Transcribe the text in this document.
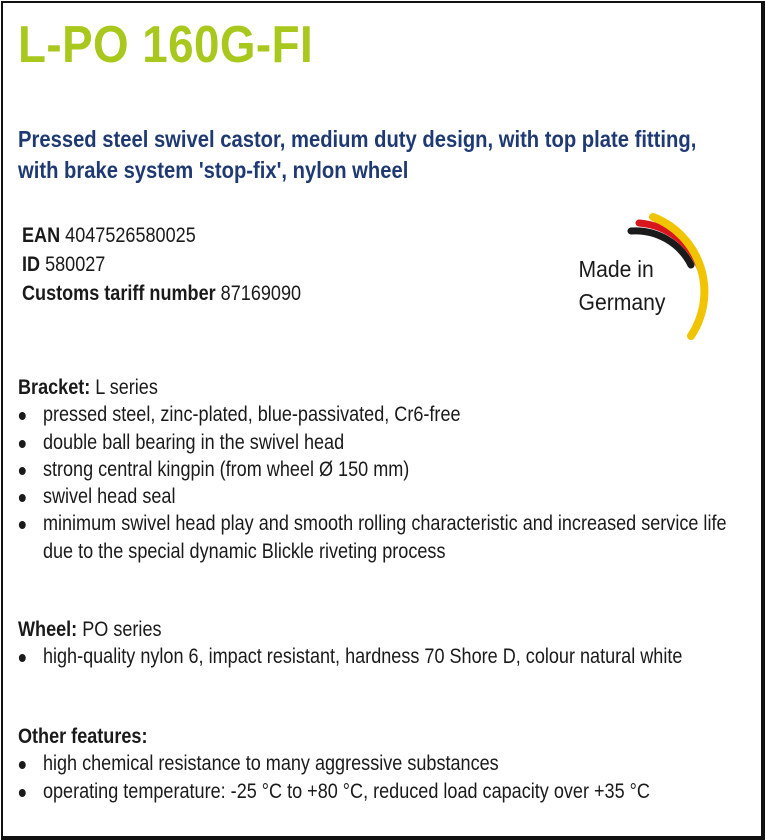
L-PO 160G-FI

Pressed steel swivel castor, medium duty design, with top plate fitting, with brake system 'stop-fix', nylon wheel

EAN 4047526580025
ID 580027
Customs tariff number 87169090
Made in
Germany
Bracket: L series
pressed steel, zinc-plated, blue-passivated, Cr6-free
double ball bearing in the swivel head
strong central kingpin (from wheel Ø 150 mm)
swivel head seal
minimum swivel head play and smooth rolling characteristic and increased service life due to the special dynamic Blickle riveting process
Wheel: PO series
high-quality nylon 6, impact resistant, hardness 70 Shore D, colour natural white
Other features:
high chemical resistance to many aggressive substances
operating temperature: -25 °C to +80 °C, reduced load capacity over +35 °C
